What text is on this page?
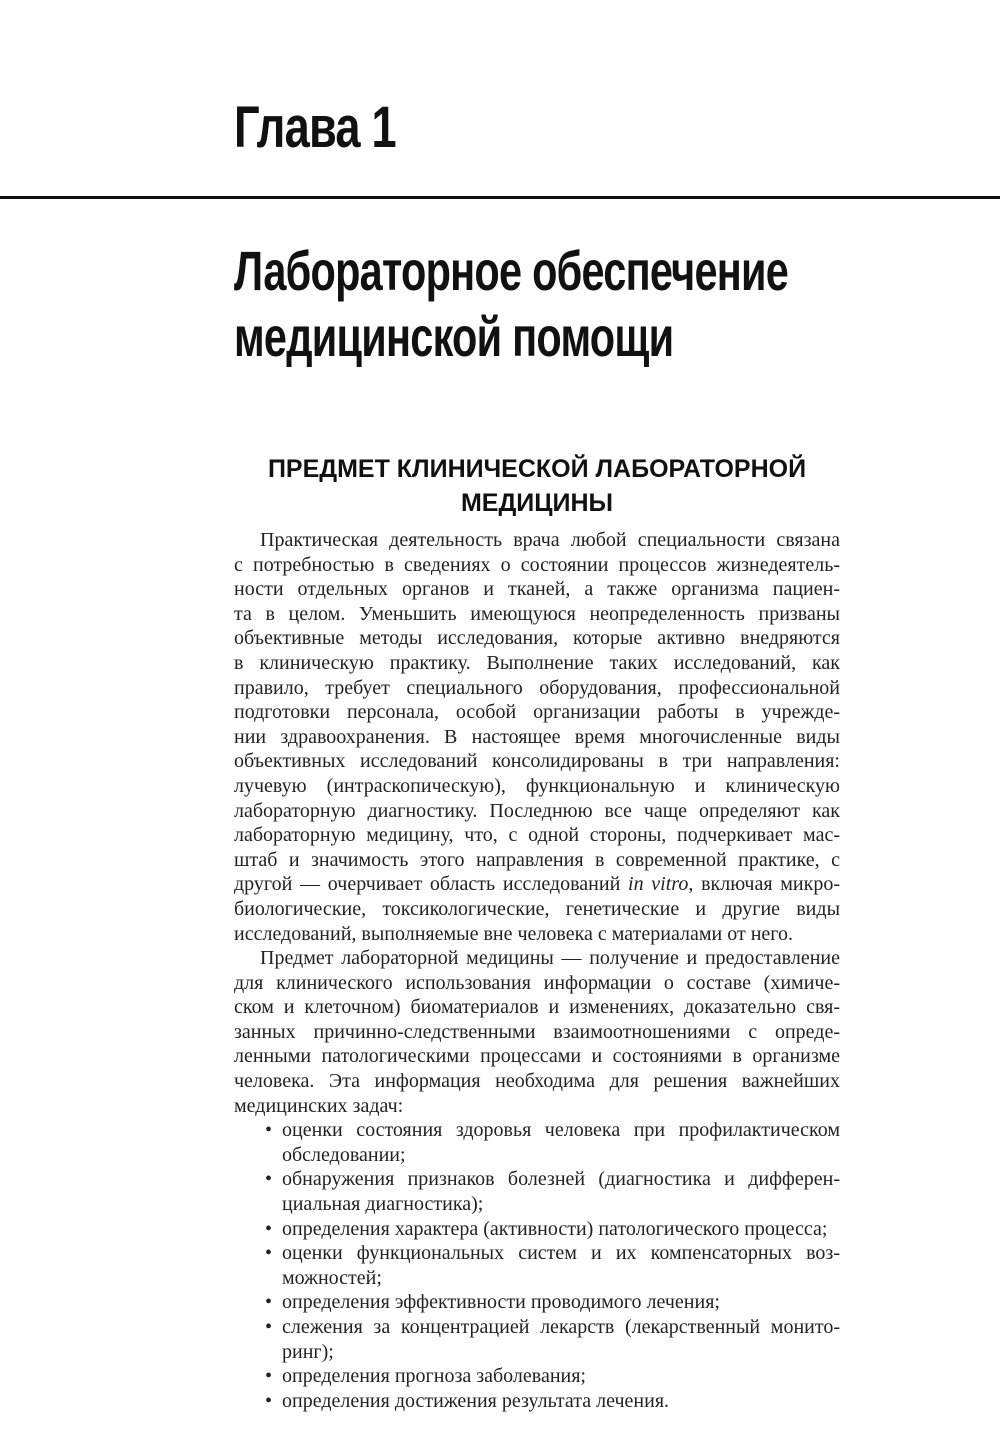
Глава 1
Лабораторное обеспечение
медицинской помощи
ПРЕДМЕТ КЛИНИЧЕСКОЙ ЛАБОРАТОРНОЙ
МЕДИЦИНЫ
Практическая деятельность врача любой специальности связана
с потребностью в сведениях о состоянии процессов жизнедеятель-
ности отдельных органов и тканей, а также организма пациен-
та в целом. Уменьшить имеющуюся неопределенность призваны
объективные методы исследования, которые активно внедряются
в клиническую практику. Выполнение таких исследований, как
правило, требует специального оборудования, профессиональной
подготовки персонала, особой организации работы в учрежде-
нии здравоохранения. В настоящее время многочисленные виды
объективных исследований консолидированы в три направления:
лучевую (интраскопическую), функциональную и клиническую
лабораторную диагностику. Последнюю все чаще определяют как
лабораторную медицину, что, с одной стороны, подчеркивает мас-
штаб и значимость этого направления в современной практике, с
другой — очерчивает область исследований in vitro, включая микро-
биологические, токсикологические, генетические и другие виды
исследований, выполняемые вне человека с материалами от него.
Предмет лабораторной медицины — получение и предоставление
для клинического использования информации о составе (химиче-
ском и клеточном) биоматериалов и изменениях, доказательно свя-
занных причинно-следственными взаимоотношениями с опреде-
ленными патологическими процессами и состояниями в организме
человека. Эта информация необходима для решения важнейших
медицинских задач:
• оценки состояния здоровья человека при профилактическом
обследовании;
• обнаружения признаков болезней (диагностика и дифферен-
циальная диагностика);
• определения характера (активности) патологического процесса;
• оценки функциональных систем и их компенсаторных воз-
можностей;
• определения эффективности проводимого лечения;
• слежения за концентрацией лекарств (лекарственный монито-
ринг);
• определения прогноза заболевания;
• определения достижения результата лечения.
